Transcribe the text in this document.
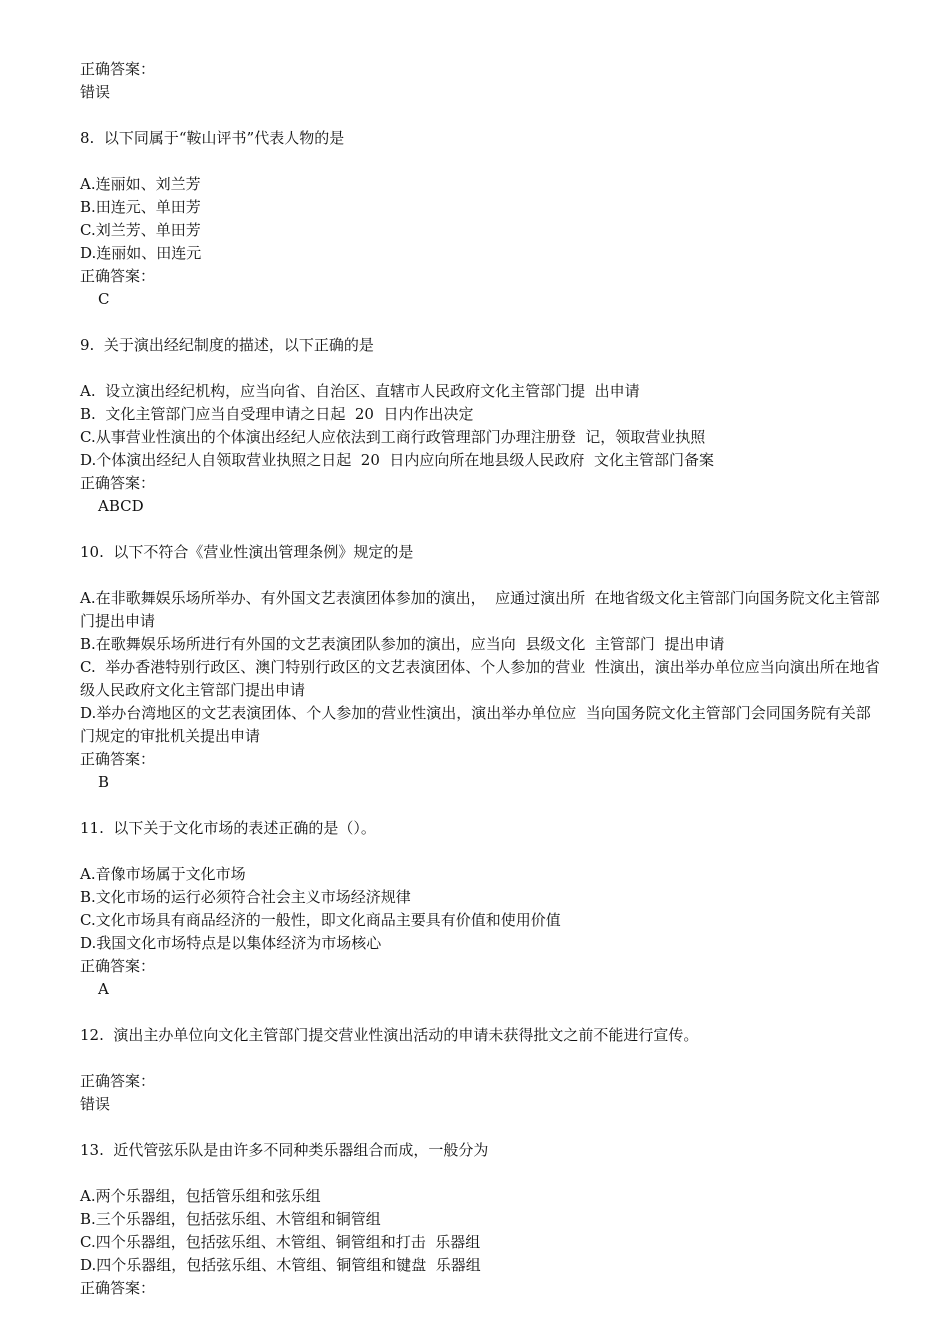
正确答案：
错误
8. 以下同属于“鞍山评书”代表人物的是
A.连丽如、刘兰芳
B.田连元、单田芳
C.刘兰芳、单田芳
D.连丽如、田连元
正确答案：
C
9. 关于演出经纪制度的描述，以下正确的是
A.  设立演出经纪机构，应当向省、自治区、直辖市人民政府文化主管部门提  出申请
B.  文化主管部门应当自受理申请之日起  20  日内作出决定
C.从事营业性演出的个体演出经纪人应依法到工商行政管理部门办理注册登  记，领取营业执照
D.个体演出经纪人自领取营业执照之日起  20  日内应向所在地县级人民政府  文化主管部门备案
正确答案：
ABCD
10. 以下不符合《营业性演出管理条例》规定的是
A.在非歌舞娱乐场所举办、有外国文艺表演团体参加的演出，  应通过演出所  在地省级文化主管部门向国务院文化主管部门提出申请
B.在歌舞娱乐场所进行有外国的文艺表演团队参加的演出，应当向  县级文化  主管部门  提出申请
C.  举办香港特别行政区、澳门特别行政区的文艺表演团体、个人参加的营业  性演出，演出举办单位应当向演出所在地省级人民政府文化主管部门提出申请
D.举办台湾地区的文艺表演团体、个人参加的营业性演出，演出举办单位应  当向国务院文化主管部门会同国务院有关部门规定的审批机关提出申请
正确答案：
B
11. 以下关于文化市场的表述正确的是（）。
A.音像市场属于文化市场
B.文化市场的运行必须符合社会主义市场经济规律
C.文化市场具有商品经济的一般性，即文化商品主要具有价值和使用价值
D.我国文化市场特点是以集体经济为市场核心
正确答案：
A
12. 演出主办单位向文化主管部门提交营业性演出活动的申请未获得批文之前不能进行宣传。
正确答案：
错误
13. 近代管弦乐队是由许多不同种类乐器组合而成，一般分为
A.两个乐器组，包括管乐组和弦乐组
B.三个乐器组，包括弦乐组、木管组和铜管组
C.四个乐器组，包括弦乐组、木管组、铜管组和打击  乐器组
D.四个乐器组，包括弦乐组、木管组、铜管组和键盘  乐器组
正确答案：
